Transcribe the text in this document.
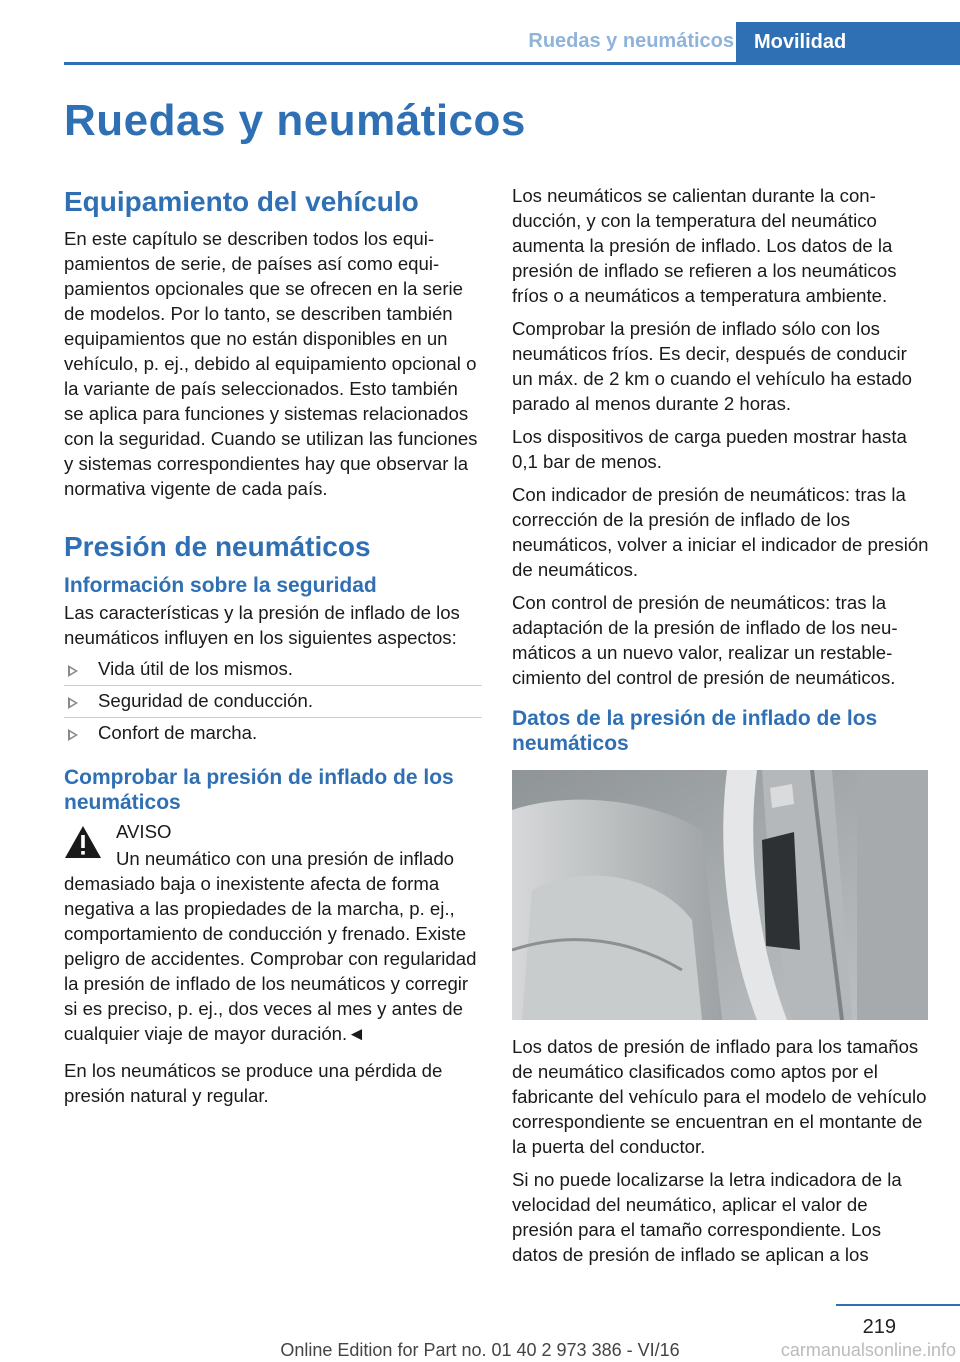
Ruedas y neumáticos	Movilidad
Ruedas y neumáticos
Equipamiento del vehículo

En este capítulo se describen todos los equipamientos de serie, de países así como equipamientos opcionales que se ofrecen en la serie de modelos. Por lo tanto, se describen también equipamientos que no están disponibles en un vehículo, p. ej., debido al equipamiento opcional o la variante de país seleccionados. Esto también se aplica para funciones y sistemas relacionados con la seguridad. Cuando se utilizan las funciones y sistemas correspondientes hay que observar la normativa vigente de cada país.

Presión de neumáticos
Información sobre la seguridad

Las características y la presión de inflado de los neumáticos influyen en los siguientes aspectos:

Vida útil de los mismos.
Seguridad de conducción.
Confort de marcha.
Comprobar la presión de inflado de los neumáticos

AVISO

Un neumático con una presión de inflado

demasiado baja o inexistente afecta de forma negativa a las propiedades de la marcha, p. ej., comportamiento de conducción y frenado. Existe peligro de accidentes. Comprobar con regularidad la presión de inflado de los neumáticos y corregir si es preciso, p. ej., dos veces al mes y antes de cualquier viaje de mayor duración.◄

En los neumáticos se produce una pérdida de presión natural y regular.

Los neumáticos se calientan durante la conducción, y con la temperatura del neumático aumenta la presión de inflado. Los datos de la presión de inflado se refieren a los neumáticos fríos o a neumáticos a temperatura ambiente.

Comprobar la presión de inflado sólo con los neumáticos fríos. Es decir, después de conducir un máx. de 2 km o cuando el vehículo ha estado parado al menos durante 2 horas.

Los dispositivos de carga pueden mostrar hasta 0,1 bar de menos.

Con indicador de presión de neumáticos: tras la corrección de la presión de inflado de los neumáticos, volver a iniciar el indicador de presión de neumáticos.

Con control de presión de neumáticos: tras la adaptación de la presión de inflado de los neumáticos a un nuevo valor, realizar un restablecimiento del control de presión de neumáticos.

Datos de la presión de inflado de los neumáticos

Los datos de presión de inflado para los tamaños de neumático clasificados como aptos por el fabricante del vehículo para el modelo de vehículo correspondiente se encuentran en el montante de la puerta del conductor.

Si no puede localizarse la letra indicadora de la velocidad del neumático, aplicar el valor de presión para el tamaño correspondiente. Los datos de presión de inflado se aplican a los

219
Online Edition for Part no. 01 40 2 973 386 - VI/16	carmanualsonline.info
